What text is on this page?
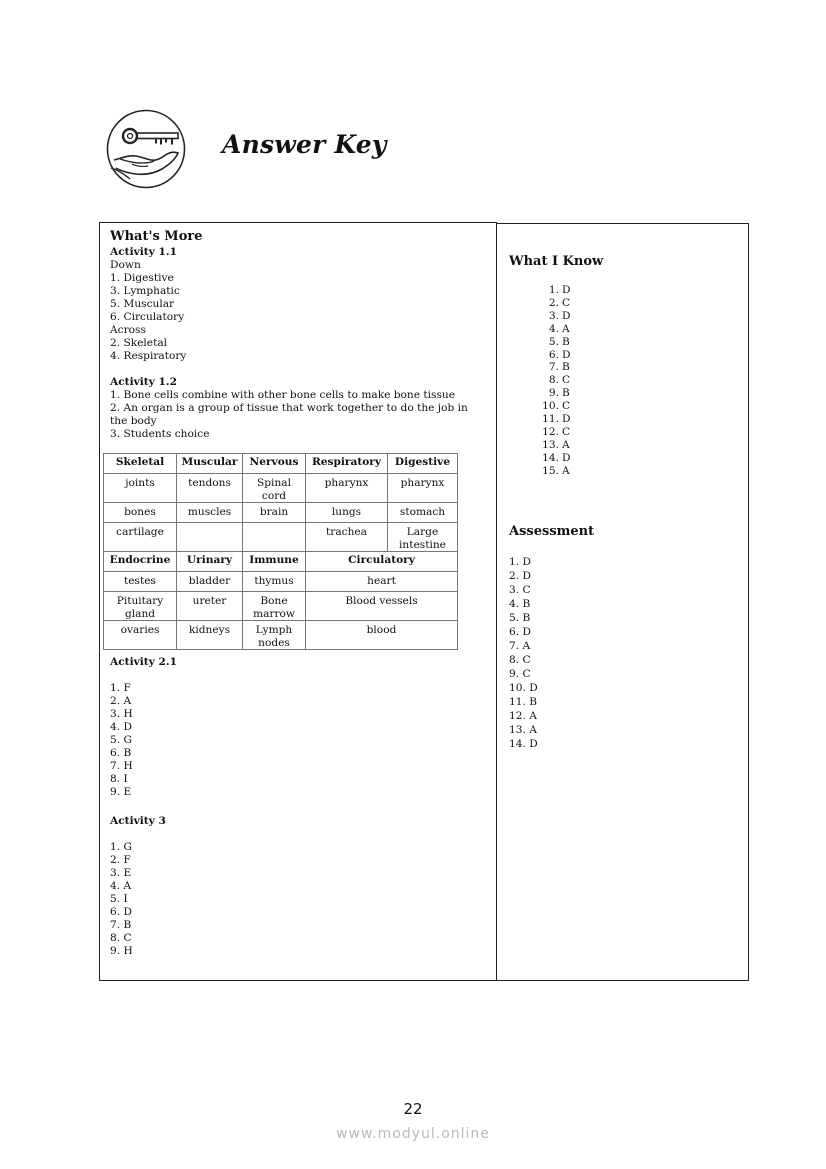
Answer Key
What's More
Activity 1.1
Down
1. Digestive
3. Lymphatic
5. Muscular
6. Circulatory
Across
2. Skeletal
4. Respiratory
Activity 1.2
1. Bone cells combine with other bone cells to make bone tissue
2. An organ is a group of tissue that work together to do the job in
the body
3. Students choice
Skeletal	Muscular	Nervous	Respiratory	Digestive
joints	tendons	Spinal cord	pharynx	pharynx
bones	muscles	brain	lungs	stomach
cartilage			trachea	Large intestine
Endocrine	Urinary	Immune	Circulatory	
testes	bladder	thymus	heart	
Pituitary gland	ureter	Bone marrow	Blood vessels	
ovaries	kidneys	Lymph nodes	blood	
Activity 2.1
1. F
2. A
3. H
4. D
5. G
6. B
7. H
8. I
9. E
Activity 3
1. G
2. F
3. E
4. A
5. I
6. D
7. B
8. C
9. H
What I Know
1. D
2. C
3. D
4. A
5. B
6. D
7. B
8. C
9. B
10. C
11. D
12. C
13. A
14. D
15. A
Assessment
1. D
2. D
3. C
4. B
5. B
6. D
7. A
8. C
9. C
10. D
11. B
12. A
13. A
14. D
22
www.modyul.online
